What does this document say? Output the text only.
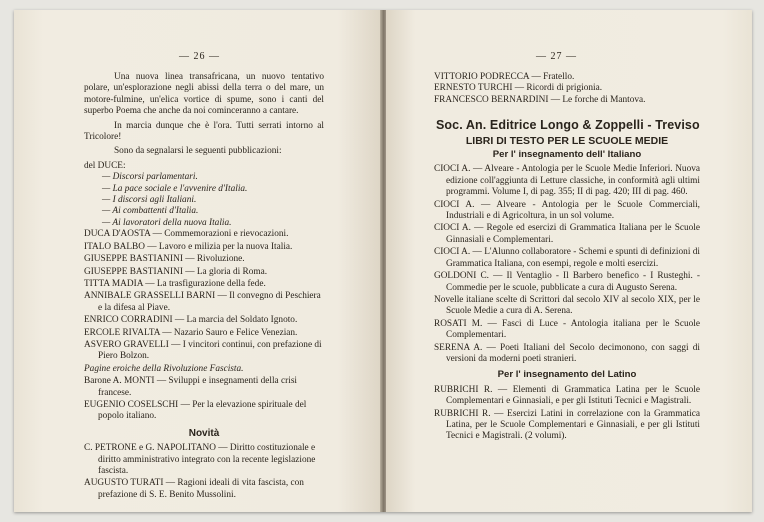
— 26 —

Una nuova linea transafricana, un nuovo tentativo polare, un'esplorazione negli abissi della terra o del mare, un motore-fulmine, un'elica vortice di spume, sono i canti del superbo Poema che anche da noi cominceranno a cantare.

In marcia dunque che è l'ora. Tutti serrati intorno al Tricolore!

Sono da segnalarsi le seguenti pubblicazioni:

del DUCE:

— Discorsi parlamentari.

— La pace sociale e l'avvenire d'Italia.

— I discorsi agli Italiani.

— Ai combattenti d'Italia.

— Ai lavoratori della nuova Italia.

DUCA D'AOSTA — Commemorazioni e rievocazioni.

ITALO BALBO — Lavoro e milizia per la nuova Italia.

GIUSEPPE BASTIANINI — Rivoluzione.

GIUSEPPE BASTIANINI — La gloria di Roma.

TITTA MADIA — La trasfigurazione della fede.

ANNIBALE GRASSELLI BARNI — Il convegno di Peschiera e la difesa al Piave.

ENRICO CORRADINI — La marcia del Soldato Ignoto.

ERCOLE RIVALTA — Nazario Sauro e Felice Venezian.

ASVERO GRAVELLI — I vincitori continui, con prefazione di Piero Bolzon.

Pagine eroiche della Rivoluzione Fascista.

Barone A. MONTI — Sviluppi e insegnamenti della crisi francese.

EUGENIO COSELSCHI — Per la elevazione spirituale del popolo italiano.

Novità

C. PETRONE e G. NAPOLITANO — Diritto costituzionale e diritto amministrativo integrato con la recente legislazione fascista.

AUGUSTO TURATI — Ragioni ideali di vita fascista, con prefazione di S. E. Benito Mussolini.

— 27 —

VITTORIO PODRECCA — Fratello.

ERNESTO TURCHI — Ricordi di prigionia.

FRANCESCO BERNARDINI — Le forche di Mantova.

Soc. An. Editrice Longo & Zoppelli - Treviso
LIBRI DI TESTO PER LE SCUOLE MEDIE
Per l' insegnamento dell' Italiano

CIOCI A. — Alveare - Antologia per le Scuole Medie Inferiori. Nuova edizione coll'aggiunta di Letture classiche, in conformità agli ultimi programmi. Volume I, di pag. 355; II di pag. 420; III di pag. 460.

CIOCI A. — Alveare - Antologia per le Scuole Commerciali, Industriali e di Agricoltura, in un sol volume.

CIOCI A. — Regole ed esercizi di Grammatica Italiana per le Scuole Ginnasiali e Complementari.

CIOCI A. — L'Alunno collaboratore - Schemi e spunti di definizioni di Grammatica Italiana, con esempi, regole e molti esercizi.

GOLDONI C. — Il Ventaglio - Il Barbero benefico - I Rusteghi. - Commedie per le scuole, pubblicate a cura di Augusto Serena.

Novelle italiane scelte di Scrittori dal secolo XIV al secolo XIX, per le Scuole Medie a cura di A. Serena.

ROSATI M. — Fasci di Luce - Antologia italiana per le Scuole Complementari.

SERENA A. — Poeti Italiani del Secolo decimonono, con saggi di versioni da moderni poeti stranieri.

Per l' insegnamento del Latino

RUBRICHI R. — Elementi di Grammatica Latina per le Scuole Complementari e Ginnasiali, e per gli Istituti Tecnici e Magistrali.

RUBRICHI R. — Esercizi Latini in correlazione con la Grammatica Latina, per le Scuole Complementari e Ginnasiali, e per gli Istituti Tecnici e Magistrali. (2 volumi).
